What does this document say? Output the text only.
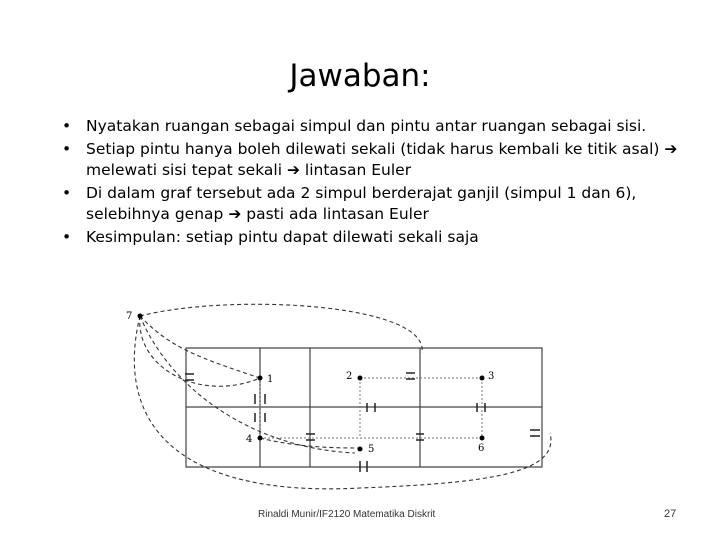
Jawaban:
• Nyatakan ruangan sebagai simpul dan pintu antar ruangan sebagai sisi.
• Setiap pintu hanya boleh dilewati sekali (tidak harus kembali ke titik asal) ➔ melewati sisi tepat sekali ➔ lintasan Euler
• Di dalam graf tersebut ada 2 simpul berderajat ganjil (simpul 1 dan 6), selebihnya genap ➔ pasti ada lintasan Euler
• Kesimpulan: setiap pintu dapat dilewati sekali saja
1	2	3
4
5	6
7
Rinaldi Munir/IF2120 Matematika Diskrit	27
